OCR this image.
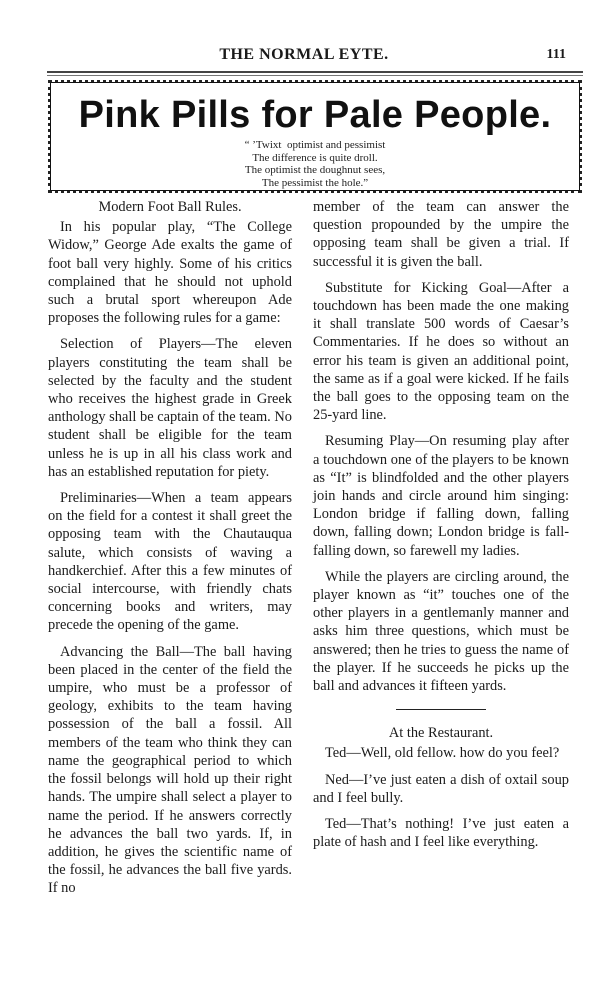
THE NORMAL EYTE.	111
Pink Pills for Pale People.
“ ’Twixt  optimist and pessimist
The difference is quite droll.
The optimist the doughnut sees,
The pessimist the hole.”
Modern Foot Ball Rules.

In his popular play, “The College Widow,” George Ade exalts the game of foot ball very highly. Some of his critics complained that he should not uphold such a brutal sport whereupon Ade proposes the following rules for a game:

Selection of Players—The eleven players constituting the team shall be selected by the faculty and the student who receives the highest grade in Greek anthology shall be captain of the team. No student shall be eligible for the team unless he is up in all his class work and has an established reputation for piety.

Preliminaries—When a team appears on the field for a contest it shall greet the opposing team with the Chautauqua salute, which consists of waving a handkerchief. After this a few minutes of social intercourse, with friendly chats concerning books and writers, may precede the opening of the game.

Advancing the Ball—The ball having been placed in the center of the field the umpire, who must be a professor of geology, exhibits to the team having possession of the ball a fossil. All members of the team who think they can name the geographical period to which the fossil belongs will hold up their right hands. The umpire shall select a player to name the period. If he answers correctly he advances the ball two yards. If, in addition, he gives the scientific name of the fossil, he advances the ball five yards. If no

member of the team can answer the question propounded by the umpire the opposing team shall be given a trial. If successful it is given the ball.

Substitute for Kicking Goal—After a touchdown has been made the one making it shall translate 500 words of Caesar’s Commentaries. If he does so without an error his team is given an additional point, the same as if a goal were kicked. If he fails the ball goes to the opposing team on the 25-yard line.

Resuming Play—On resuming play after a touchdown one of the players to be known as “It” is blindfolded and the other players join hands and circle around him singing: London bridge if falling down, falling down, falling down; London bridge is fall-falling down, so farewell my ladies.

While the players are circling around, the player known as “it” touches one of the other players in a gentlemanly manner and asks him three questions, which must be answered; then he tries to guess the name of the player. If he succeeds he picks up the ball and advances it fifteen yards.

At the Restaurant.

Ted—Well, old fellow. how do you feel?

Ned—I’ve just eaten a dish of oxtail soup and I feel bully.

Ted—That’s nothing! I’ve just eaten a plate of hash and I feel like everything.
